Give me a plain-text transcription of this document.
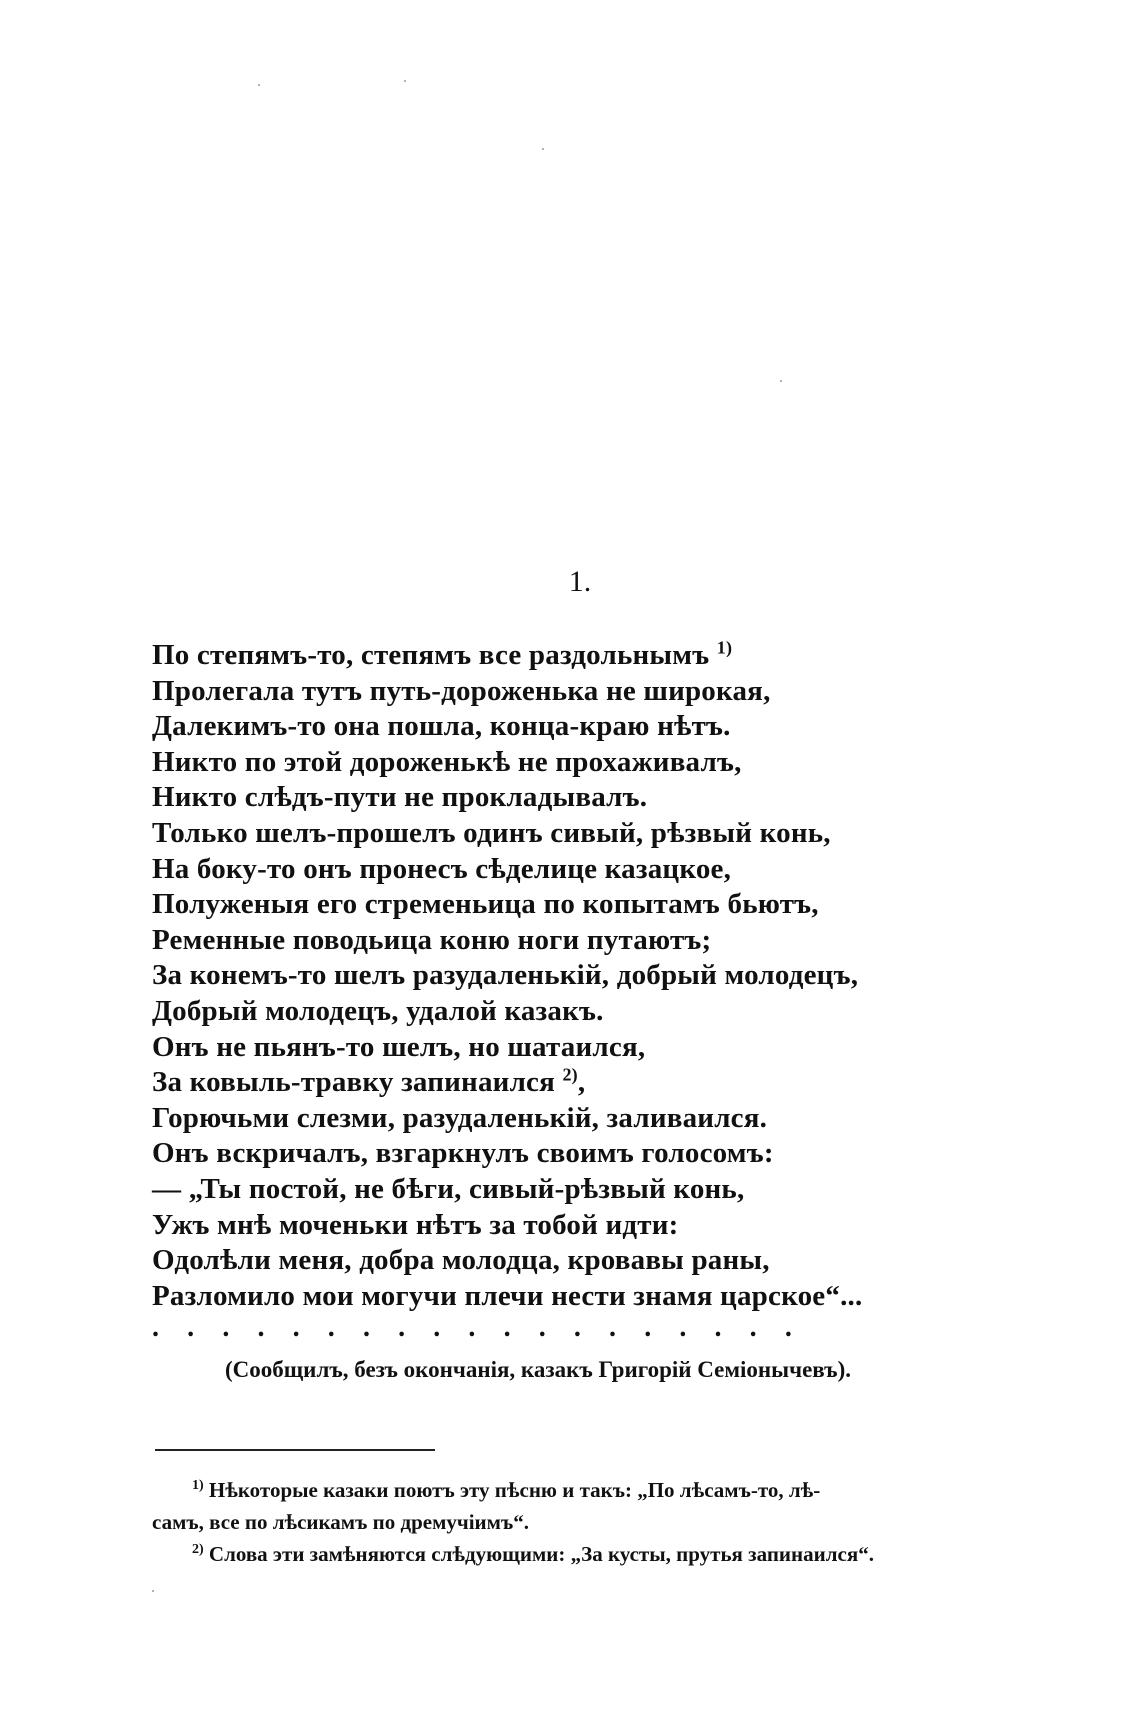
1.
По степямъ-то, степямъ все раздольнымъ $^{1)}$
Пролегала тутъ путь-дороженька не широкая,
Далекимъ-то она пошла, конца-краю нѣтъ.
Никто по этой дороженькѣ не прохаживалъ,
Никто слѣдъ-пути не прокладывалъ.
Только шелъ-прошелъ одинъ сивый, рѣзвый конь,
На боку-то онъ пронесъ сѣделице казацкое,
Полуженыя его стременьица по копытамъ бьютъ,
Ременные поводьица коню ноги путаютъ;
За конемъ-то шелъ разудаленькій, добрый молодецъ,
Добрый молодецъ, удалой казакъ.
Онъ не пьянъ-то шелъ, но шатаился,
За ковыль-травку запинаился $^{2)}$,
Горючьми слезми, разудаленькій, заливаился.
Онъ вскричалъ, взгаркнулъ своимъ голосомъ:
— „Ты постой, не бѣги, сивый-рѣзвый конь,
Ужъ мнѣ моченьки нѣтъ за тобой идти:
Одолѣли меня, добра молодца, кровавы раны,
Разломило мои могучи плечи нести знамя царское“...
. . . . . . . . . . . . . . . . . . .
(Сообщилъ, безъ окончанія, казакъ Григорій Семіонычевъ).
$^{1)}$ Нѣкоторые казаки поютъ эту пѣсню и такъ: „По лѣсамъ-то, лѣ-
самъ, все по лѣсикамъ по дремучіимъ“.
$^{2)}$ Слова эти замѣняются слѣдующими: „За кусты, прутья запинаился“.
